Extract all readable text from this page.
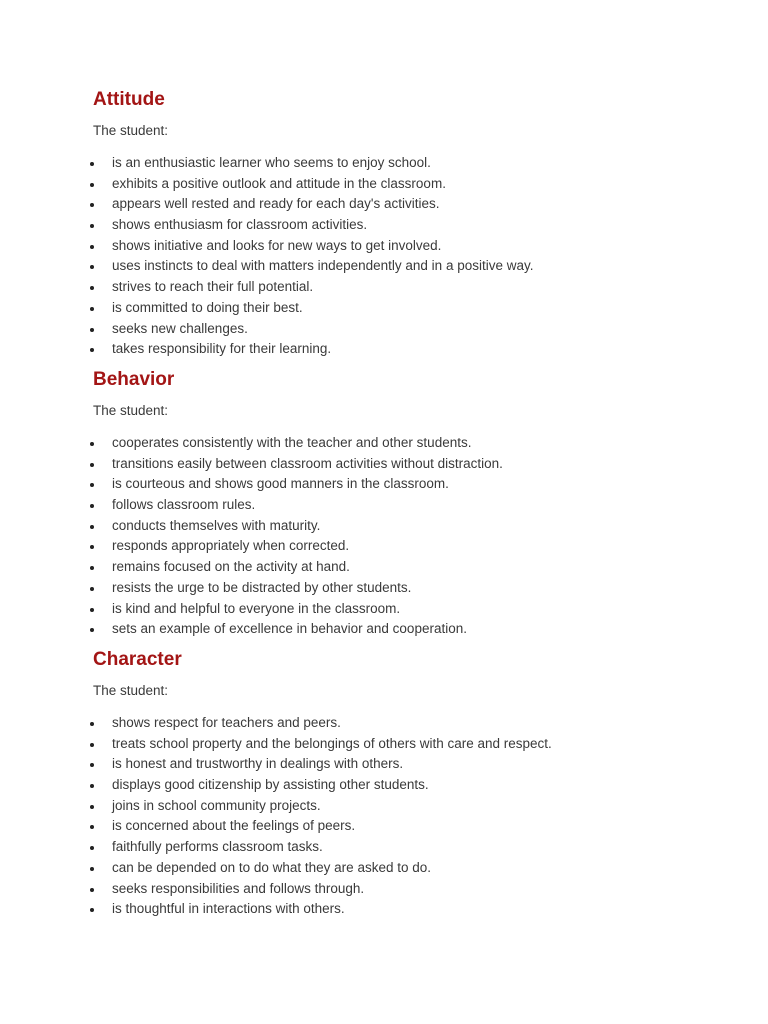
Attitude

The student:

is an enthusiastic learner who seems to enjoy school.
exhibits a positive outlook and attitude in the classroom.
appears well rested and ready for each day's activities.
shows enthusiasm for classroom activities.
shows initiative and looks for new ways to get involved.
uses instincts to deal with matters independently and in a positive way.
strives to reach their full potential.
is committed to doing their best.
seeks new challenges.
takes responsibility for their learning.
Behavior

The student:

cooperates consistently with the teacher and other students.
transitions easily between classroom activities without distraction.
is courteous and shows good manners in the classroom.
follows classroom rules.
conducts themselves with maturity.
responds appropriately when corrected.
remains focused on the activity at hand.
resists the urge to be distracted by other students.
is kind and helpful to everyone in the classroom.
sets an example of excellence in behavior and cooperation.
Character

The student:

shows respect for teachers and peers.
treats school property and the belongings of others with care and respect.
is honest and trustworthy in dealings with others.
displays good citizenship by assisting other students.
joins in school community projects.
is concerned about the feelings of peers.
faithfully performs classroom tasks.
can be depended on to do what they are asked to do.
seeks responsibilities and follows through.
is thoughtful in interactions with others.
